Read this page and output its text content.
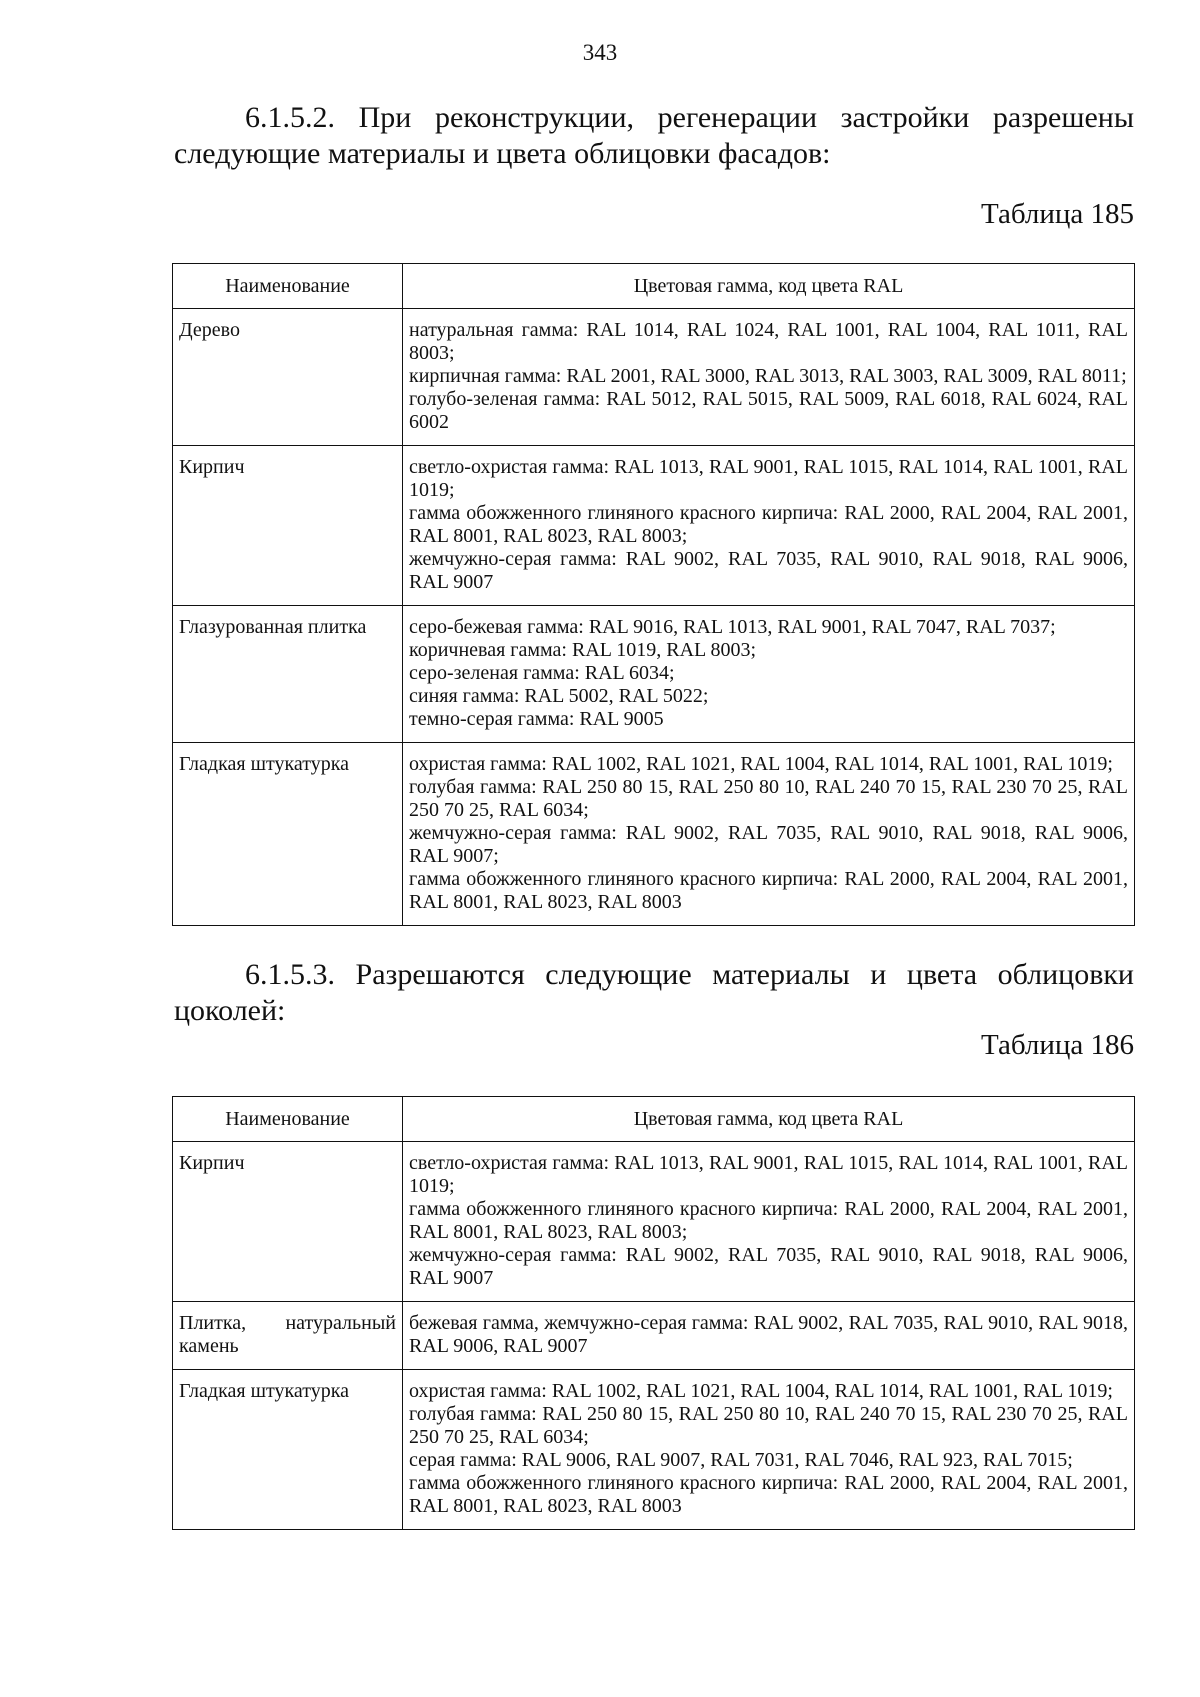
343
6.1.5.2. При реконструкции, регенерации застройки разрешены
следующие материалы и цвета облицовки фасадов:
Таблица 185
Наименование	Цветовая гамма, код цвета RAL
Дерево	натуральная гамма: RAL 1014, RAL 1024, RAL 1001, RAL 1004, RAL 1011, RAL 8003;
кирпичная гамма: RAL 2001, RAL 3000, RAL 3013, RAL 3003, RAL 3009, RAL 8011;
голубо-зеленая гамма: RAL 5012, RAL 5015, RAL 5009, RAL 6018, RAL 6024, RAL 6002

Кирпич	светло-охристая гамма: RAL 1013, RAL 9001, RAL 1015, RAL 1014, RAL 1001, RAL 1019;
гамма обожженного глиняного красного кирпича: RAL 2000, RAL 2004, RAL 2001, RAL 8001, RAL 8023, RAL 8003;
жемчужно-серая гамма: RAL 9002, RAL 7035, RAL 9010, RAL 9018, RAL 9006, RAL 9007

Глазурованная плитка	серо-бежевая гамма: RAL 9016, RAL 1013, RAL 9001, RAL 7047, RAL 7037;
коричневая гамма: RAL 1019, RAL 8003;
серо-зеленая гамма: RAL 6034;
синяя гамма: RAL 5002, RAL 5022;
темно-серая гамма: RAL 9005

Гладкая штукатурка	охристая гамма: RAL 1002, RAL 1021, RAL 1004, RAL 1014, RAL 1001, RAL 1019;
голубая гамма: RAL 250 80 15, RAL 250 80 10, RAL 240 70 15, RAL 230 70 25, RAL 250 70 25, RAL 6034;
жемчужно-серая гамма: RAL 9002, RAL 7035, RAL 9010, RAL 9018, RAL 9006, RAL 9007;
гамма обожженного глиняного красного кирпича: RAL 2000, RAL 2004, RAL 2001, RAL 8001, RAL 8023, RAL 8003
6.1.5.3. Разрешаются следующие материалы и цвета облицовки цоколей:
Таблица 186
Наименование	Цветовая гамма, код цвета RAL
Кирпич	светло-охристая гамма: RAL 1013, RAL 9001, RAL 1015, RAL 1014, RAL 1001, RAL 1019;
гамма обожженного глиняного красного кирпича: RAL 2000, RAL 2004, RAL 2001, RAL 8001, RAL 8023, RAL 8003;
жемчужно-серая гамма: RAL 9002, RAL 7035, RAL 9010, RAL 9018, RAL 9006, RAL 9007

Плитка, натуральный камень	бежевая гамма, жемчужно-серая гамма: RAL 9002, RAL 7035, RAL 9010, RAL 9018, RAL 9006, RAL 9007

Гладкая штукатурка	охристая гамма: RAL 1002, RAL 1021, RAL 1004, RAL 1014, RAL 1001, RAL 1019;
голубая гамма: RAL 250 80 15, RAL 250 80 10, RAL 240 70 15, RAL 230 70 25, RAL 250 70 25, RAL 6034;
серая гамма: RAL 9006, RAL 9007, RAL 7031, RAL 7046, RAL 923, RAL 7015;
гамма обожженного глиняного красного кирпича: RAL 2000, RAL 2004, RAL 2001, RAL 8001, RAL 8023, RAL 8003
